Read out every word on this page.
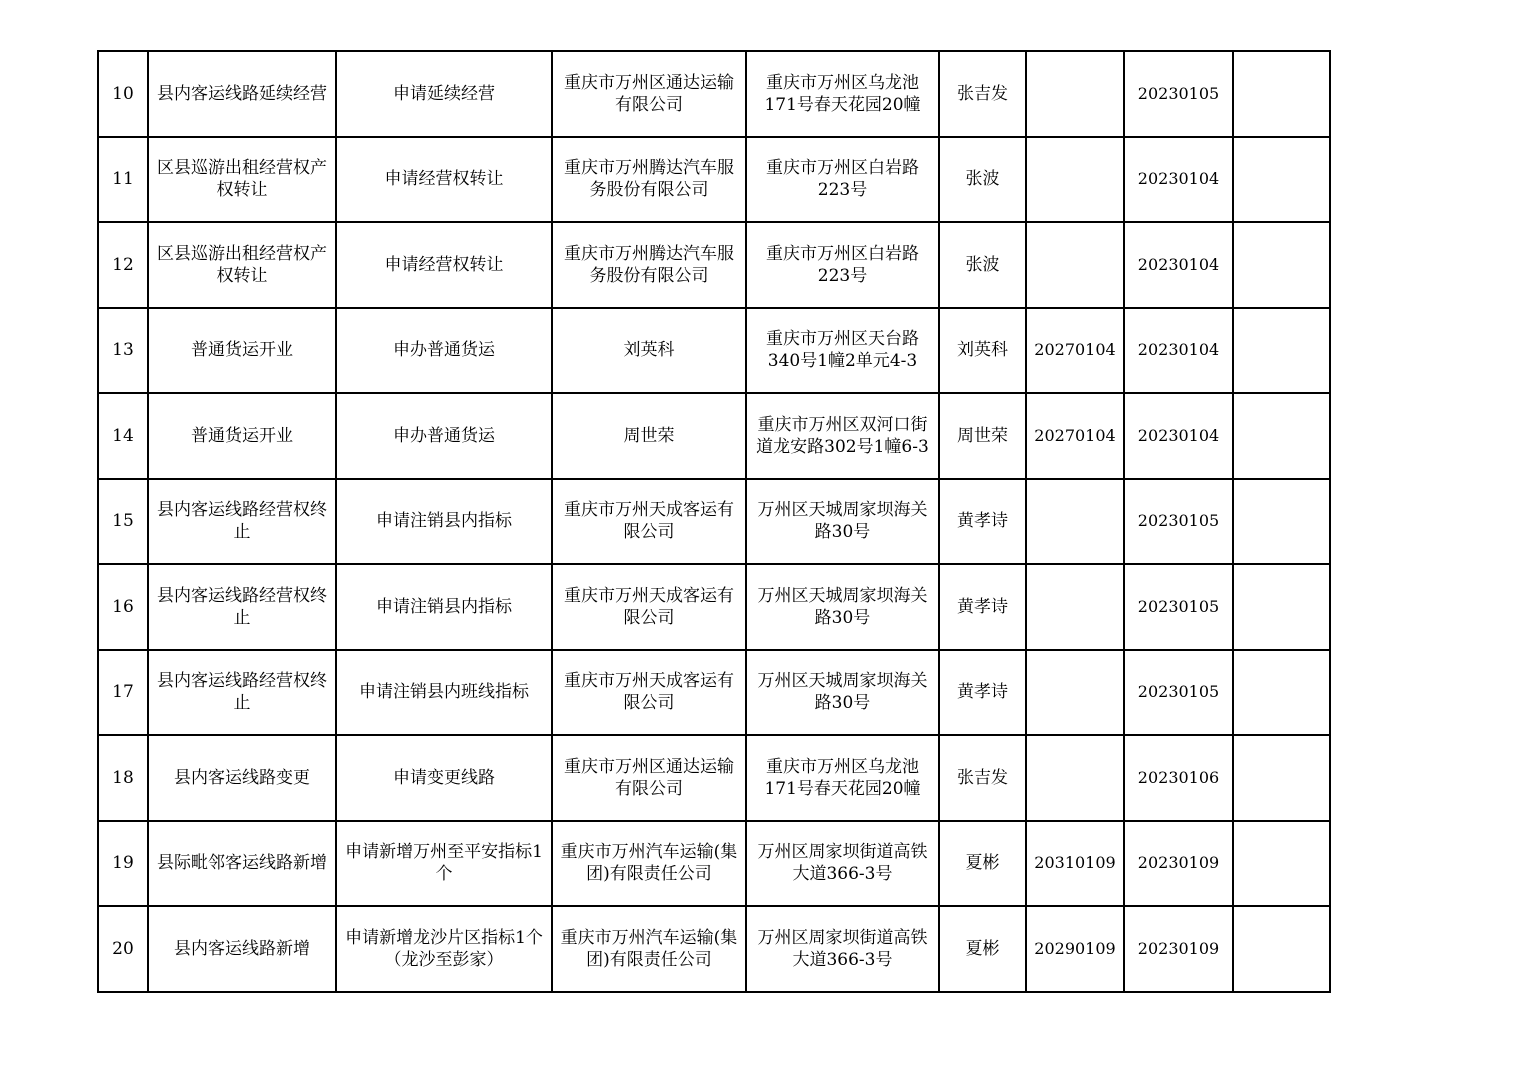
10	县内客运线路延续经营	申请延续经营	重庆市万州区通达运输有限公司	重庆市万州区乌龙池171号春天花园20幢	张吉发		20230105	
11	区县巡游出租经营权产权转让	申请经营权转让	重庆市万州腾达汽车服务股份有限公司	重庆市万州区白岩路223号	张波		20230104	
12	区县巡游出租经营权产权转让	申请经营权转让	重庆市万州腾达汽车服务股份有限公司	重庆市万州区白岩路223号	张波		20230104	
13	普通货运开业	申办普通货运	刘英科	重庆市万州区天台路340号1幢2单元4-3	刘英科	20270104	20230104	
14	普通货运开业	申办普通货运	周世荣	重庆市万州区双河口街道龙安路302号1幢6-3	周世荣	20270104	20230104	
15	县内客运线路经营权终止	申请注销县内指标	重庆市万州天成客运有限公司	万州区天城周家坝海关路30号	黄孝诗		20230105	
16	县内客运线路经营权终止	申请注销县内指标	重庆市万州天成客运有限公司	万州区天城周家坝海关路30号	黄孝诗		20230105	
17	县内客运线路经营权终止	申请注销县内班线指标	重庆市万州天成客运有限公司	万州区天城周家坝海关路30号	黄孝诗		20230105	
18	县内客运线路变更	申请变更线路	重庆市万州区通达运输有限公司	重庆市万州区乌龙池171号春天花园20幢	张吉发		20230106	
19	县际毗邻客运线路新增	申请新增万州至平安指标1个	重庆市万州汽车运输(集团)有限责任公司	万州区周家坝街道高铁大道366-3号	夏彬	20310109	20230109	
20	县内客运线路新增	申请新增龙沙片区指标1个（龙沙至彭家）	重庆市万州汽车运输(集团)有限责任公司	万州区周家坝街道高铁大道366-3号	夏彬	20290109	20230109	
